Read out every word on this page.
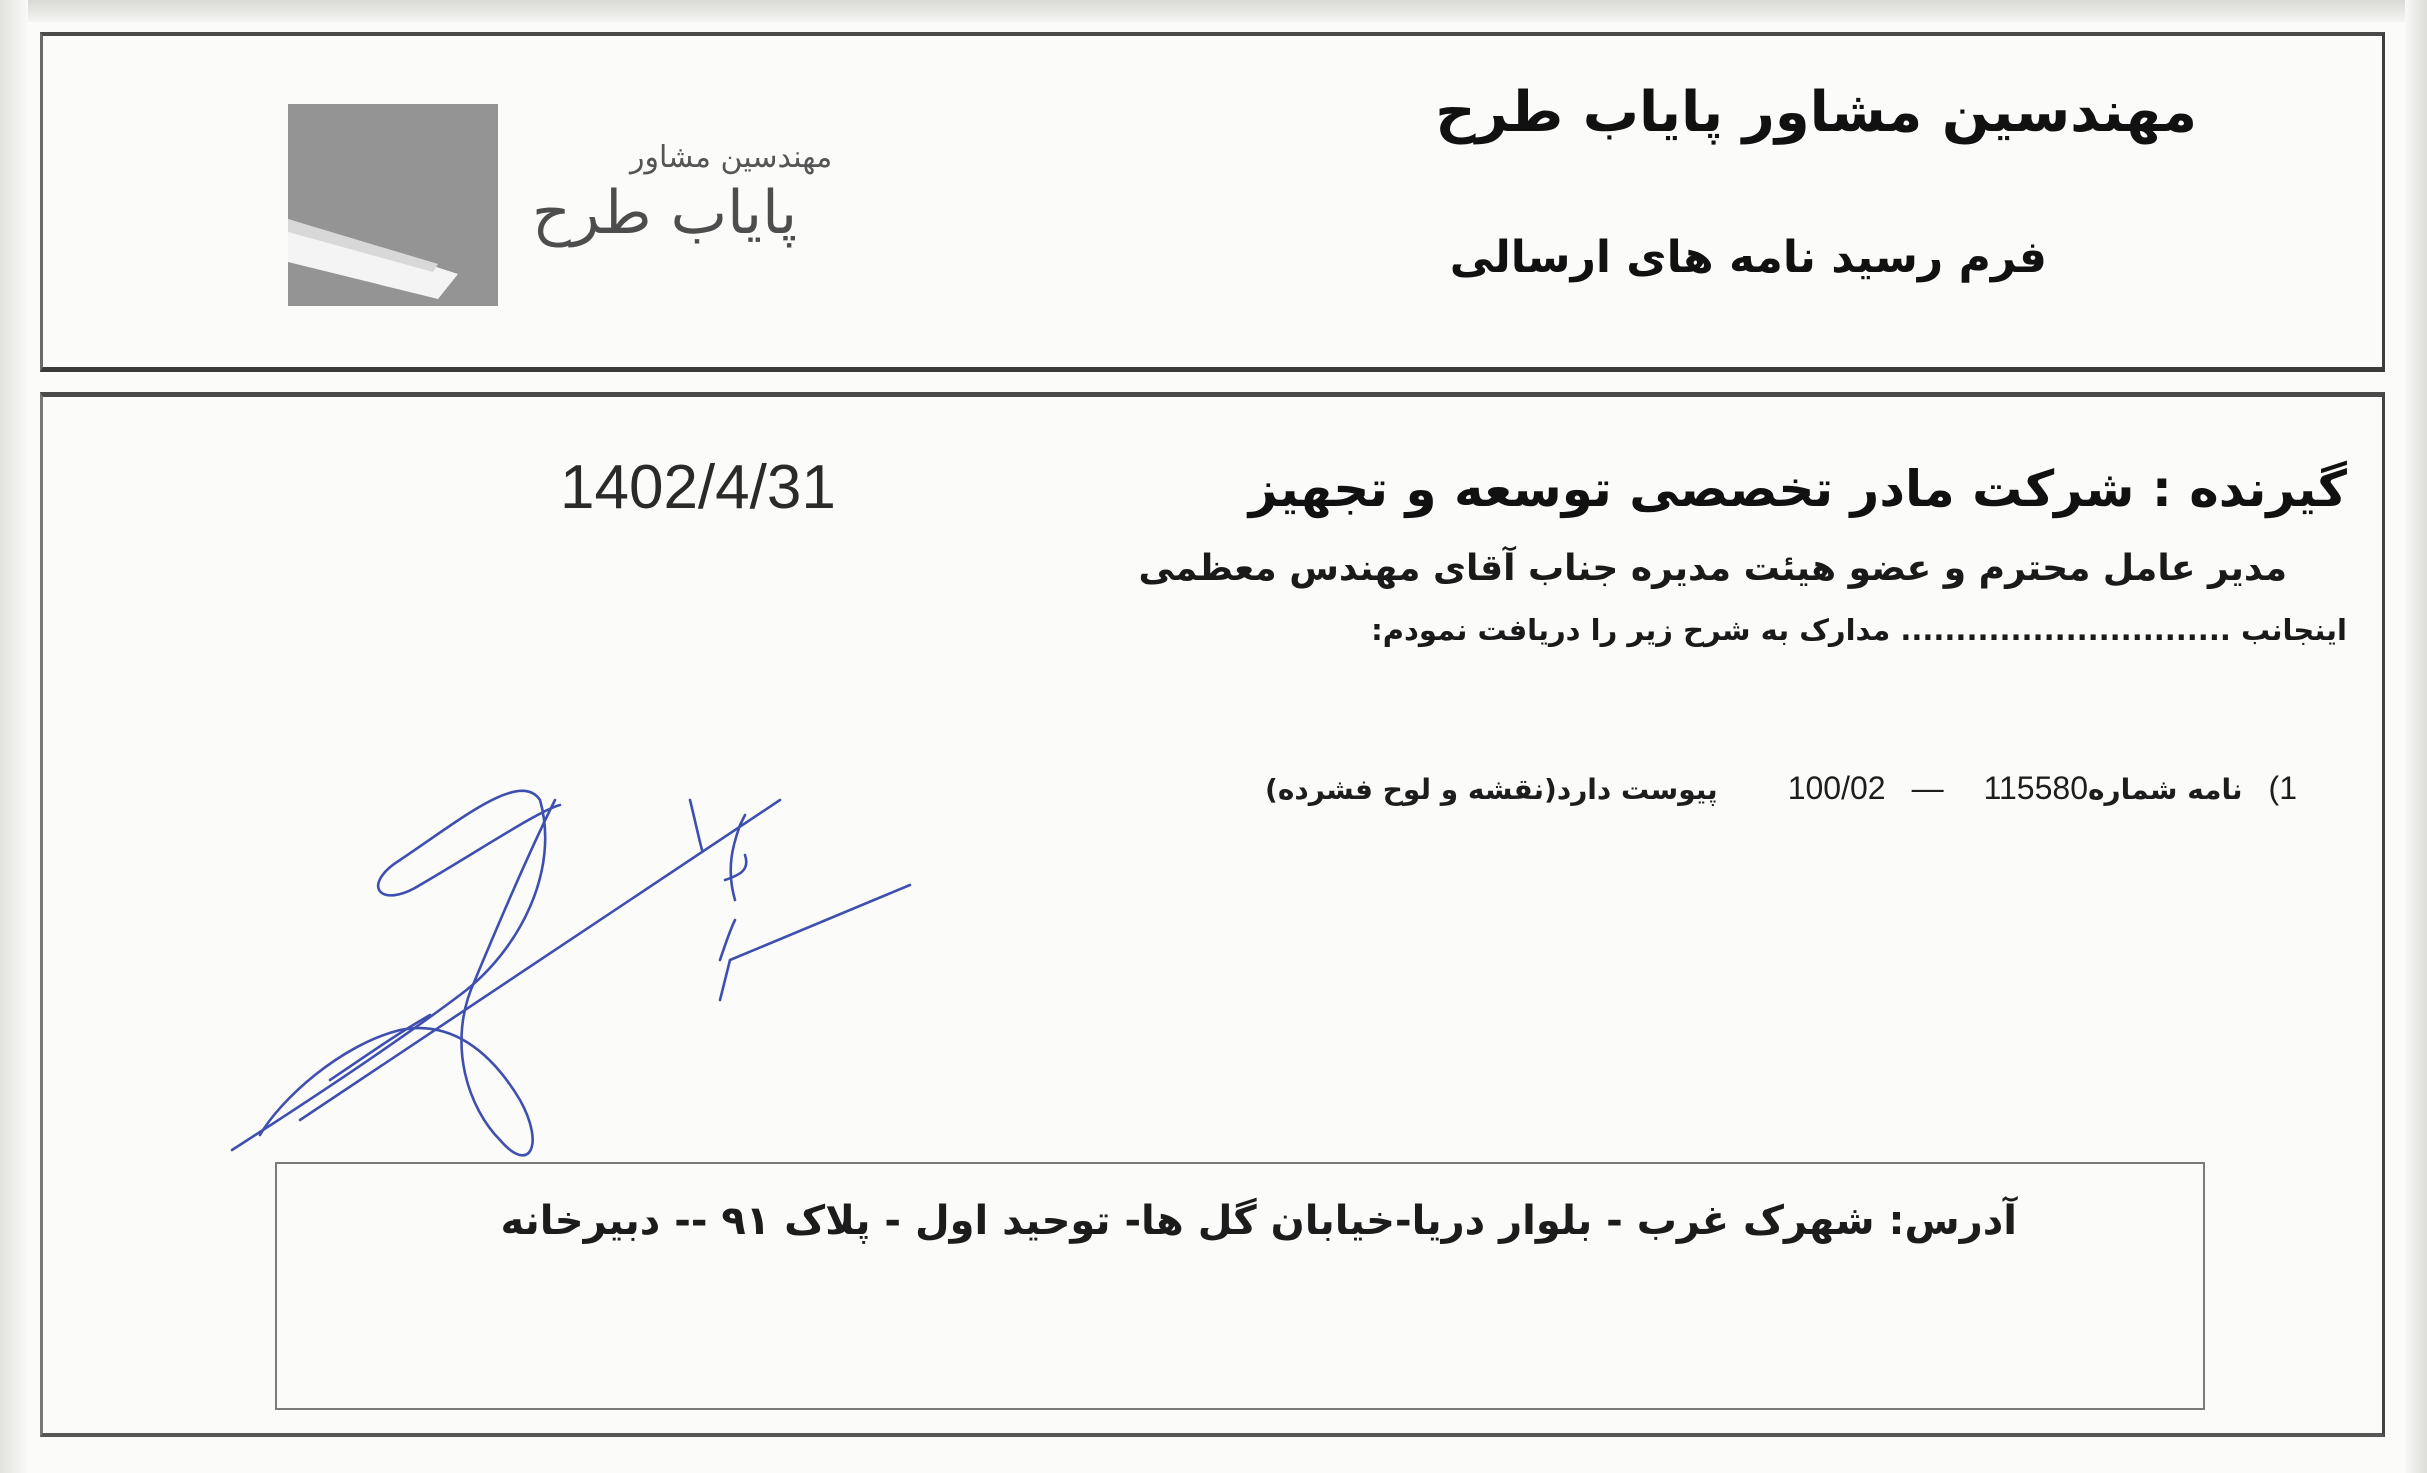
مهندسین مشاور پایاب طرح
فرم رسید نامه های ارسالی
مهندسین مشاور
پایاب طرح
1402/4/31	گیرنده : شرکت مادر تخصصی توسعه و تجهیز
مدیر عامل محترم و عضو هیئت مدیره جناب آقای مهندس معظمی
اینجانب .............................. مدارک به شرح زیر را دریافت نمودم:
1)
نامه شماره
115580
—
100/02
پیوست دارد(نقشه و لوح فشرده)
آدرس: شهرک غرب - بلوار دریا-خیابان گل ها- توحید اول - پلاک ۹۱ -- دبیرخانه
